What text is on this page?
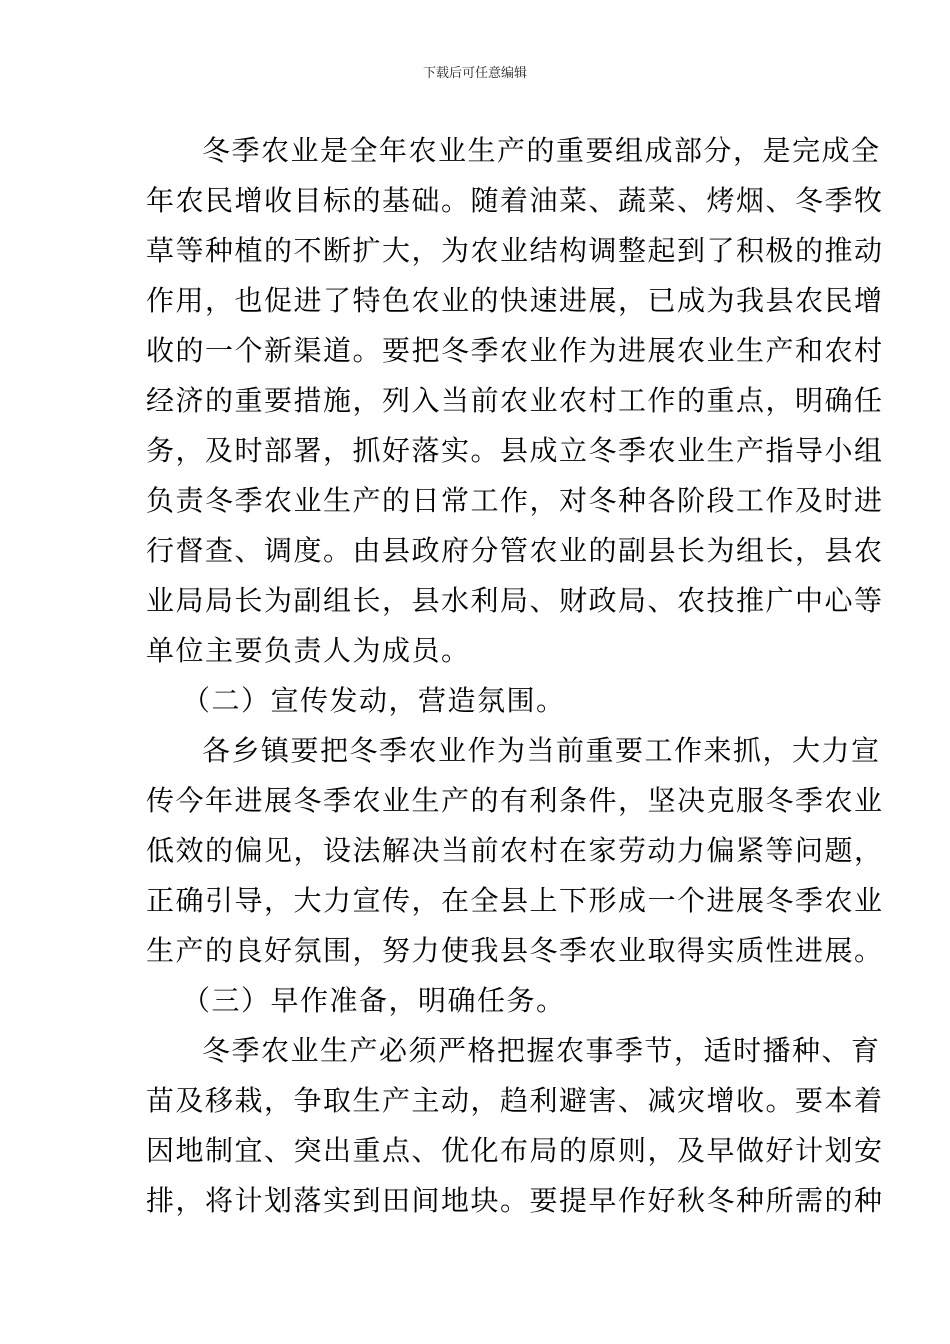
下载后可任意编辑
冬季农业是全年农业生产的重要组成部分，是完成全
年农民增收目标的基础。随着油菜、蔬菜、烤烟、冬季牧
草等种植的不断扩大，为农业结构调整起到了积极的推动
作用，也促进了特色农业的快速进展，已成为我县农民增
收的一个新渠道。要把冬季农业作为进展农业生产和农村
经济的重要措施，列入当前农业农村工作的重点，明确任
务，及时部署，抓好落实。县成立冬季农业生产指导小组
负责冬季农业生产的日常工作，对冬种各阶段工作及时进
行督查、调度。由县政府分管农业的副县长为组长，县农
业局局长为副组长，县水利局、财政局、农技推广中心等
单位主要负责人为成员。
（二）宣传发动，营造氛围。
各乡镇要把冬季农业作为当前重要工作来抓，大力宣
传今年进展冬季农业生产的有利条件，坚决克服冬季农业
低效的偏见，设法解决当前农村在家劳动力偏紧等问题，
正确引导，大力宣传，在全县上下形成一个进展冬季农业
生产的良好氛围，努力使我县冬季农业取得实质性进展。
（三）早作准备，明确任务。
冬季农业生产必须严格把握农事季节，适时播种、育
苗及移栽，争取生产主动，趋利避害、减灾增收。要本着
因地制宜、突出重点、优化布局的原则，及早做好计划安
排，将计划落实到田间地块。要提早作好秋冬种所需的种
